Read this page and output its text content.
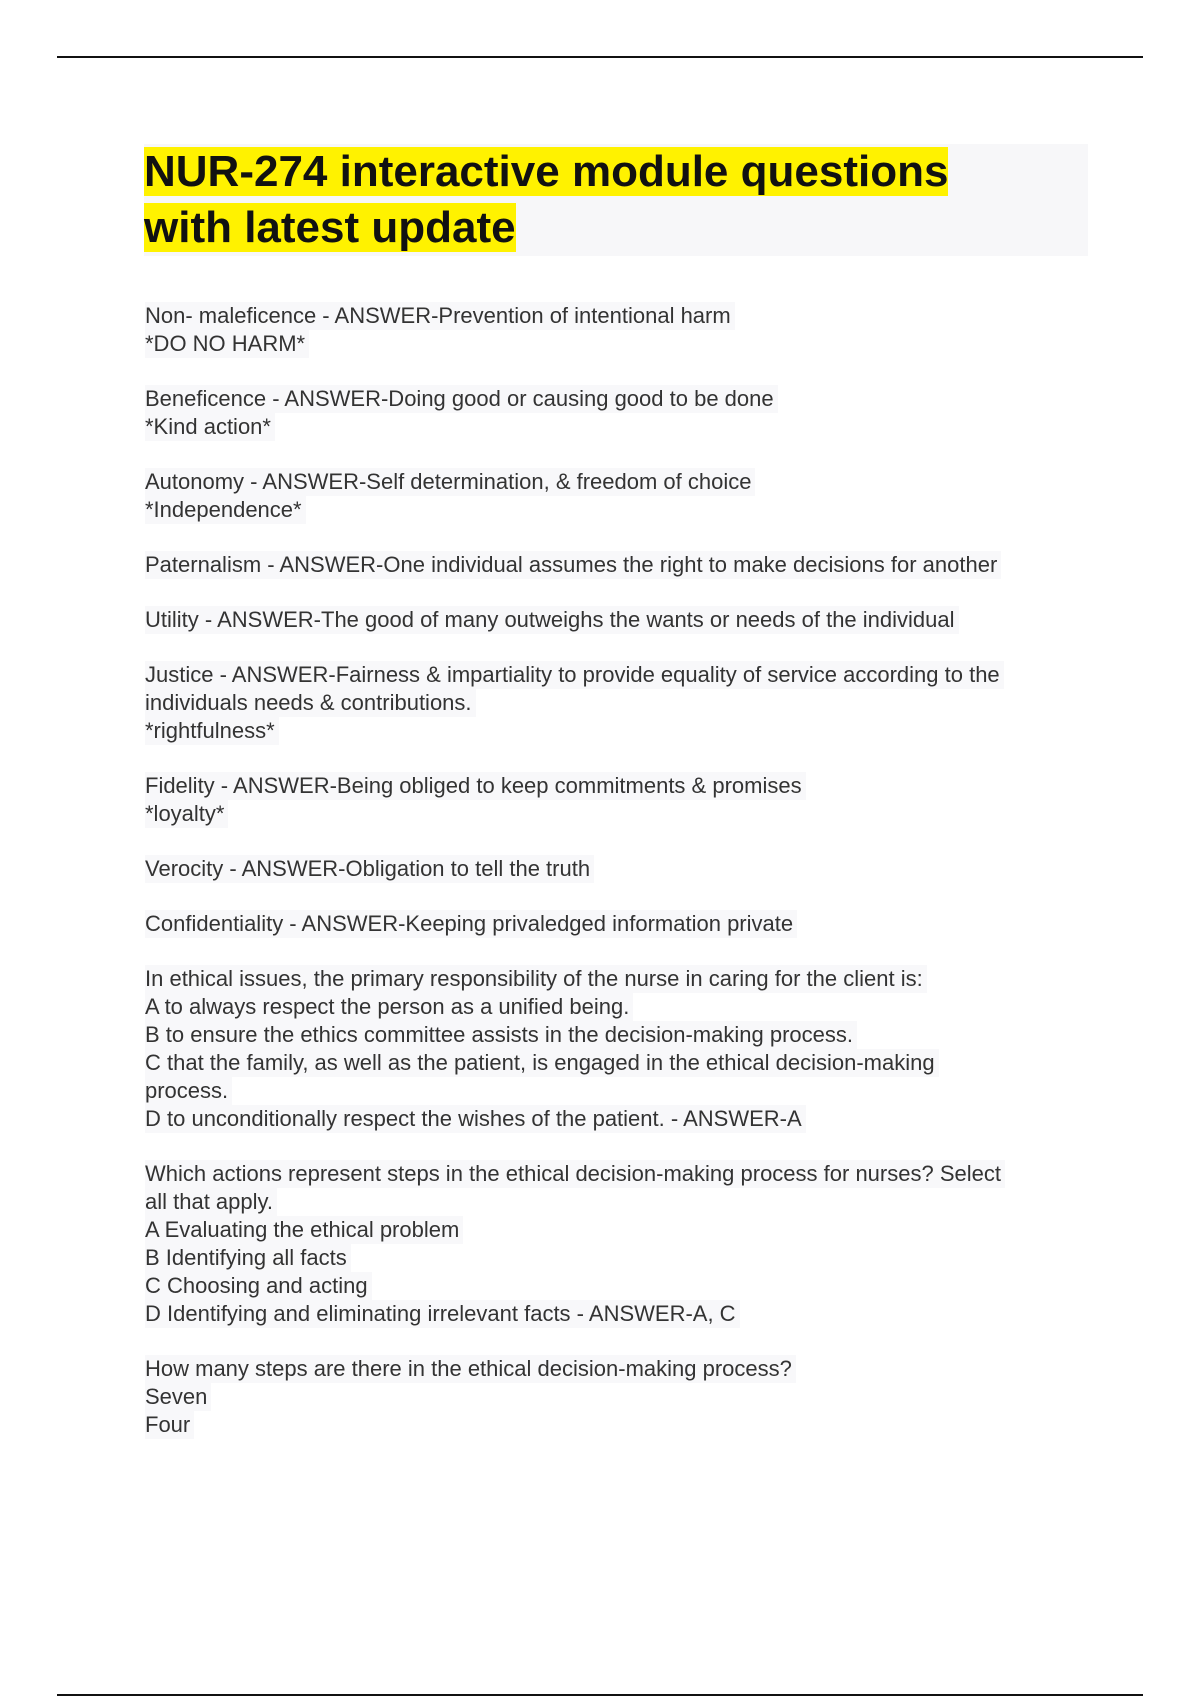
NUR-274 interactive module questions
with latest update
Non- maleficence - ANSWER-Prevention of intentional harm
*DO NO HARM*
Beneficence - ANSWER-Doing good or causing good to be done
*Kind action*
Autonomy - ANSWER-Self determination, & freedom of choice
*Independence*
Paternalism - ANSWER-One individual assumes the right to make decisions for another
Utility - ANSWER-The good of many outweighs the wants or needs of the individual
Justice - ANSWER-Fairness & impartiality to provide equality of service according to the
individuals needs & contributions.
*rightfulness*
Fidelity - ANSWER-Being obliged to keep commitments & promises
*loyalty*
Verocity - ANSWER-Obligation to tell the truth
Confidentiality - ANSWER-Keeping privaledged information private
In ethical issues, the primary responsibility of the nurse in caring for the client is:
A to always respect the person as a unified being.
B to ensure the ethics committee assists in the decision-making process.
C that the family, as well as the patient, is engaged in the ethical decision-making
process.
D to unconditionally respect the wishes of the patient. - ANSWER-A
Which actions represent steps in the ethical decision-making process for nurses? Select
all that apply.
A Evaluating the ethical problem
B Identifying all facts
C Choosing and acting
D Identifying and eliminating irrelevant facts - ANSWER-A, C
How many steps are there in the ethical decision-making process?
Seven
Four
